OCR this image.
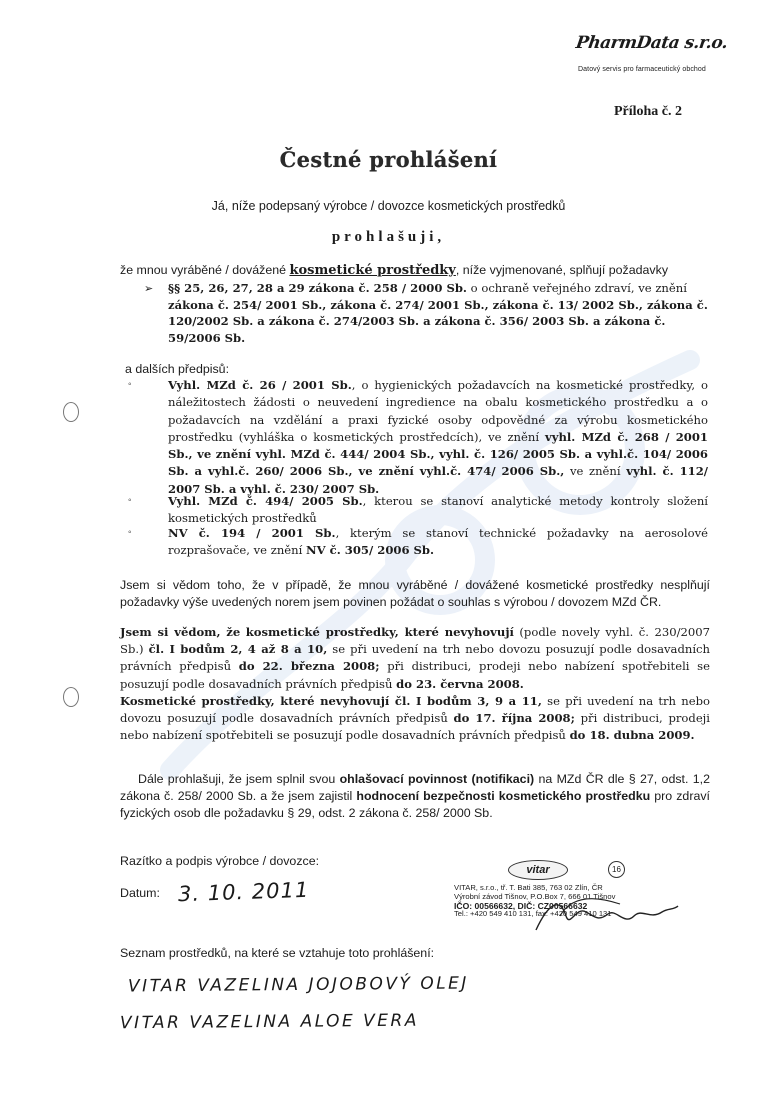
PharmData s.r.o.
Datový servis pro farmaceutický obchod
Příloha č. 2
Čestné prohlášení
Já, níže podepsaný výrobce / dovozce kosmetických prostředků
prohlašuji,
že mnou vyráběné / dovážené kosmetické prostředky, níže vyjmenované, splňují požadavky
➢ §§ 25, 26, 27, 28 a 29 zákona č. 258 / 2000 Sb. o ochraně veřejného zdraví, ve znění zákona č. 254/ 2001 Sb., zákona č. 274/ 2001 Sb., zákona č. 13/ 2002 Sb., zákona č. 120/2002 Sb. a zákona č. 274/2003 Sb. a zákona č. 356/ 2003 Sb. a zákona č. 59/2006 Sb.
a dalších předpisů:
◦	Vyhl. MZd č. 26 / 2001 Sb., o hygienických požadavcích na kosmetické prostředky, o náležitostech žádosti o neuvedení ingredience na obalu kosmetického prostředku a o požadavcích na vzdělání a praxi fyzické osoby odpovědné za výrobu kosmetického prostředku (vyhláška o kosmetických prostředcích), ve znění vyhl. MZd č. 268 / 2001 Sb., ve znění vyhl. MZd č. 444/ 2004 Sb., vyhl. č. 126/ 2005 Sb. a vyhl.č. 104/ 2006 Sb. a vyhl.č. 260/ 2006 Sb., ve znění vyhl.č. 474/ 2006 Sb., ve znění vyhl. č. 112/ 2007 Sb. a vyhl. č. 230/ 2007 Sb.
◦	Vyhl. MZd č. 494/ 2005 Sb., kterou se stanoví analytické metody kontroly složení kosmetických prostředků
◦	NV č. 194 / 2001 Sb., kterým se stanoví technické požadavky na aerosolové rozprašovače, ve znění NV č. 305/ 2006 Sb.
Jsem si vědom toho, že v případě, že mnou vyráběné / dovážené kosmetické prostředky nesplňují požadavky výše uvedených norem jsem povinen požádat o souhlas s výrobou / dovozem MZd ČR.
Jsem si vědom, že kosmetické prostředky, které nevyhovují (podle novely vyhl. č. 230/2007 Sb.) čl. I bodům 2, 4 až 8 a 10, se při uvedení na trh nebo dovozu posuzují podle dosavadních právních předpisů do 22. března 2008; při distribuci, prodeji nebo nabízení spotřebiteli se posuzují podle dosavadních právních předpisů do 23. června 2008.
Kosmetické prostředky, které nevyhovují čl. I bodům 3, 9 a 11, se při uvedení na trh nebo dovozu posuzují podle dosavadních právních předpisů do 17. října 2008; při distribuci, prodeji nebo nabízení spotřebiteli se posuzují podle dosavadních právních předpisů do 18. dubna 2009.
Dále prohlašuji, že jsem splnil svou ohlašovací povinnost (notifikaci) na MZd ČR dle § 27, odst. 1,2 zákona č. 258/ 2000 Sb. a že jsem zajistil hodnocení bezpečnosti kosmetického prostředku pro zdraví fyzických osob dle požadavku § 29, odst. 2 zákona č. 258/ 2000 Sb.
Razítko a podpis výrobce / dovozce:
Datum: 3. 10. 2011
vitar	16
VITAR, s.r.o., tř. T. Bati 385, 763 02 Zlín, ČR
Výrobní závod Tišnov, P.O.Box 7, 666 01 Tišnov
IČO: 00566632, DIČ: CZ00566632
Tel.: +420 549 410 131, fax: +420 549 410 131
Seznam prostředků, na které se vztahuje toto prohlášení:
VITAR VAZELINA JOJOBOVÝ OLEJ
VITAR VAZELINA ALOE VERA
